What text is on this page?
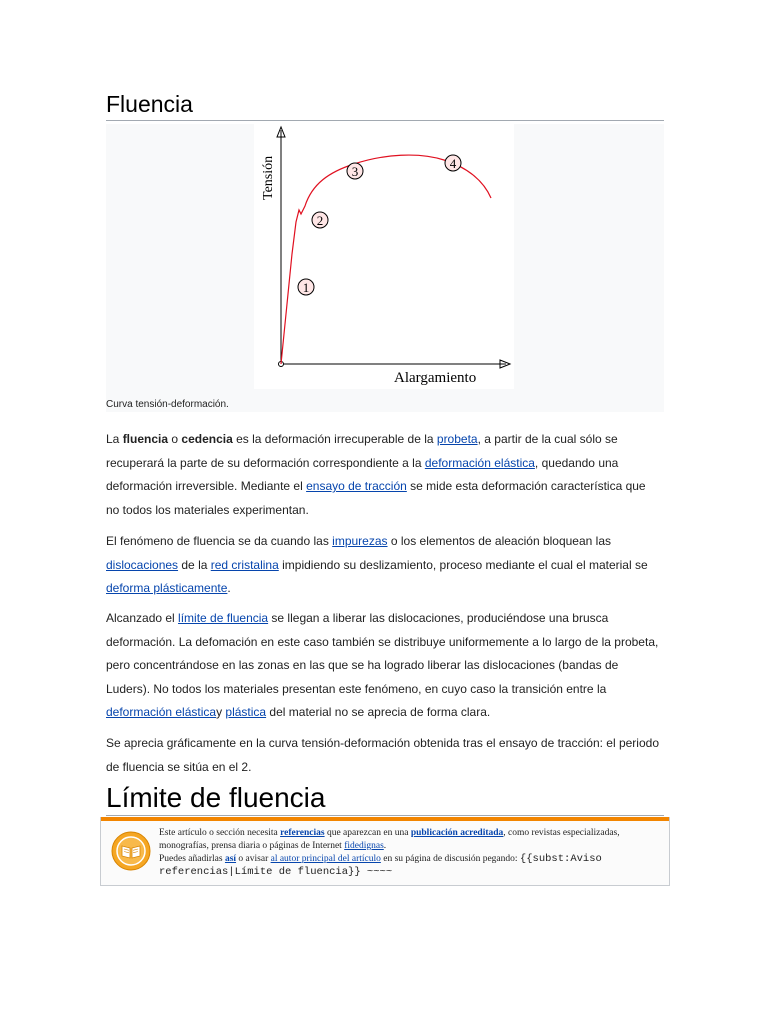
Fluencia
1
2
3
4
Tensión
Alargamiento
Curva tensión-deformación.

La fluencia o cedencia es la deformación irrecuperable de la probeta, a partir de la cual sólo se recuperará la parte de su deformación correspondiente a la deformación elástica, quedando una deformación irreversible. Mediante el ensayo de tracción se mide esta deformación característica que no todos los materiales experimentan.

El fenómeno de fluencia se da cuando las impurezas o los elementos de aleación bloquean las dislocaciones de la red cristalina impidiendo su deslizamiento, proceso mediante el cual el material se deforma plásticamente.

Alcanzado el límite de fluencia se llegan a liberar las dislocaciones, produciéndose una brusca deformación. La defomación en este caso también se distribuye uniformemente a lo largo de la probeta, pero concentrándose en las zonas en las que se ha logrado liberar las dislocaciones (bandas de Luders). No todos los materiales presentan este fenómeno, en cuyo caso la transición entre la deformación elásticay plástica del material no se aprecia de forma clara.

Se aprecia gráficamente en la curva tensión-deformación obtenida tras el ensayo de tracción: el periodo de fluencia se sitúa en el 2.

Límite de fluencia
Este artículo o sección necesita referencias que aparezcan en una publicación acreditada, como revistas especializadas, monografías, prensa diaria o páginas de Internet fidedignas.
Puedes añadirlas así o avisar al autor principal del artículo en su página de discusión pegando: {{subst:Aviso referencias|Límite de fluencia}} ~~~~
